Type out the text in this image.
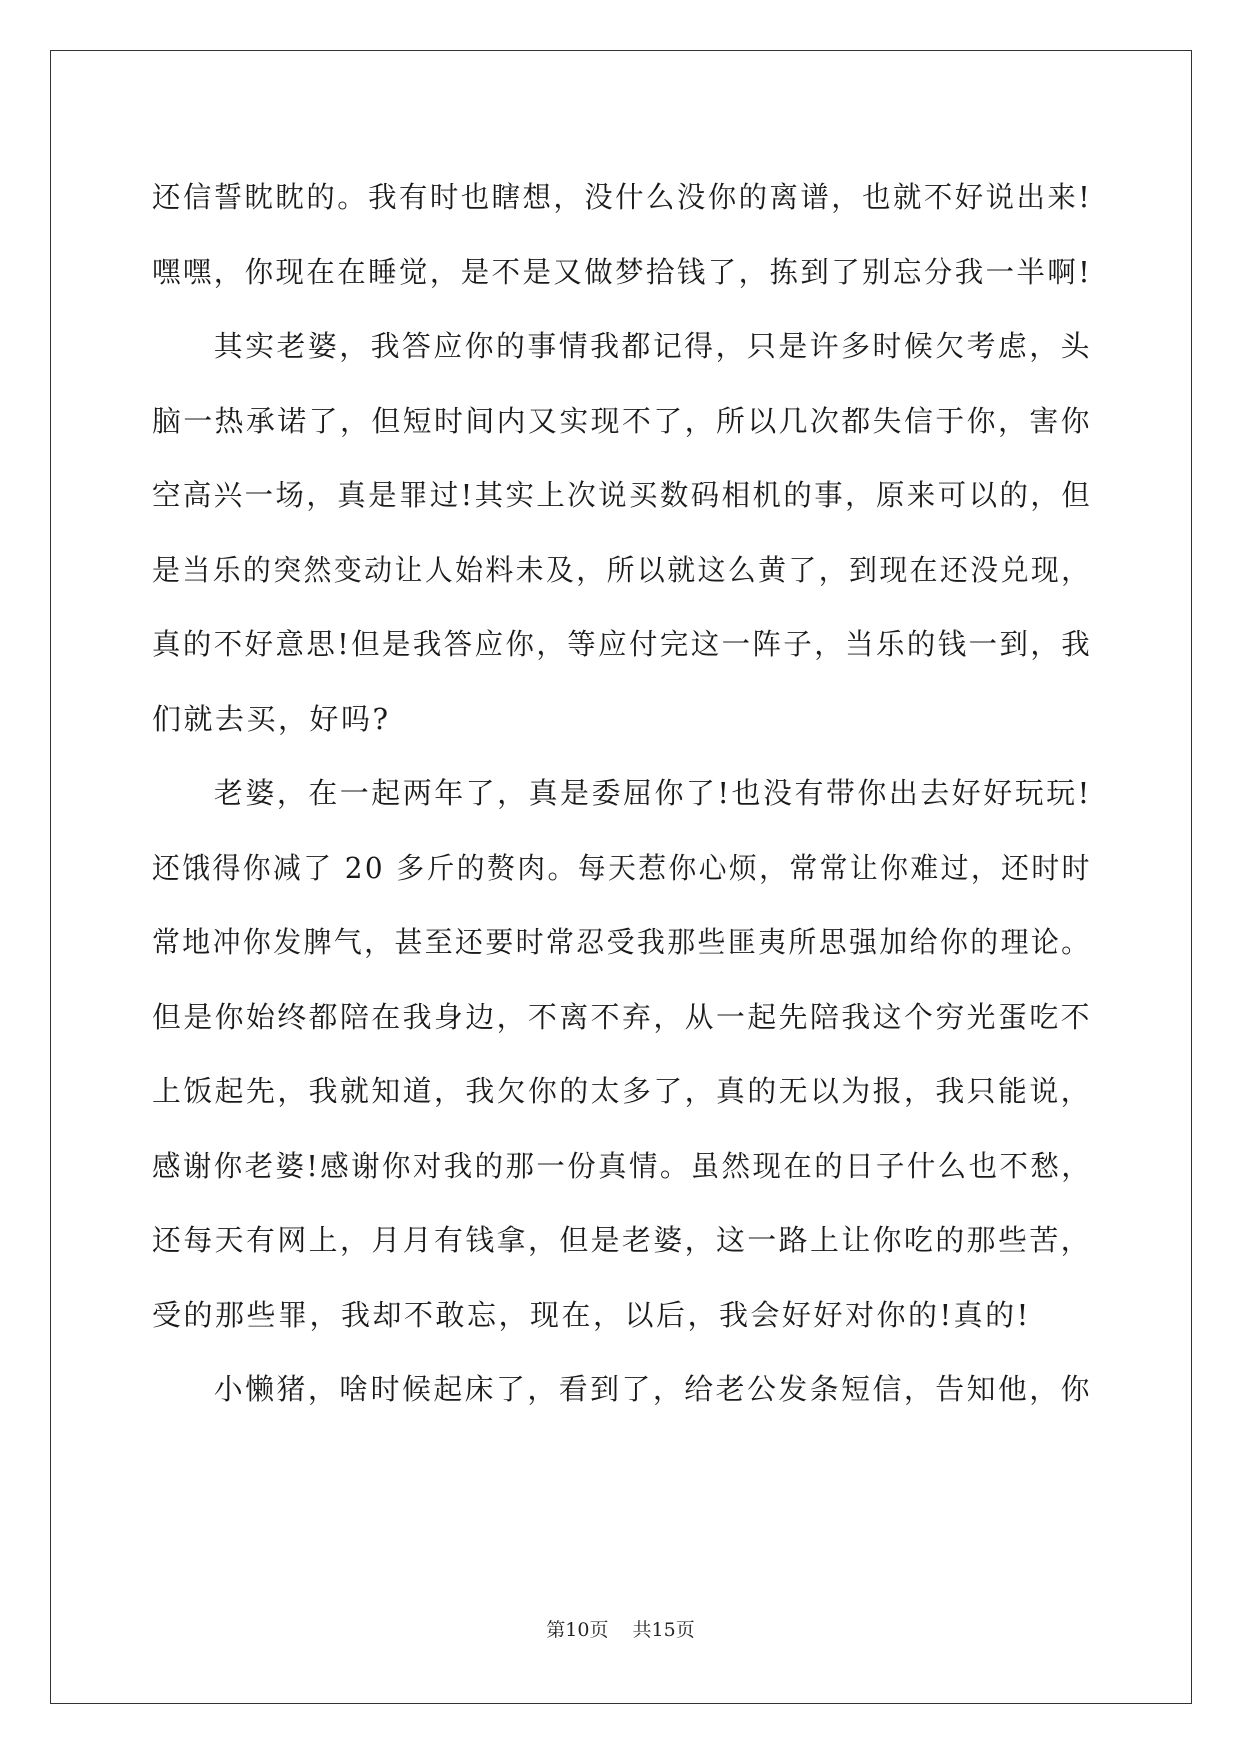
还信誓眈眈的。我有时也瞎想，没什么没你的离谱，也就不好说出来!
嘿嘿，你现在在睡觉，是不是又做梦拾钱了，拣到了别忘分我一半啊!
其实老婆，我答应你的事情我都记得，只是许多时候欠考虑，头
脑一热承诺了，但短时间内又实现不了，所以几次都失信于你，害你
空高兴一场，真是罪过!其实上次说买数码相机的事，原来可以的，但
是当乐的突然变动让人始料未及，所以就这么黄了，到现在还没兑现，
真的不好意思!但是我答应你，等应付完这一阵子，当乐的钱一到，我
们就去买，好吗?
老婆，在一起两年了，真是委屈你了!也没有带你出去好好玩玩!
还饿得你减了 20 多斤的赘肉。每天惹你心烦，常常让你难过，还时时
常地冲你发脾气，甚至还要时常忍受我那些匪夷所思强加给你的理论。
但是你始终都陪在我身边，不离不弃，从一起先陪我这个穷光蛋吃不
上饭起先，我就知道，我欠你的太多了，真的无以为报，我只能说，
感谢你老婆!感谢你对我的那一份真情。虽然现在的日子什么也不愁，
还每天有网上，月月有钱拿，但是老婆，这一路上让你吃的那些苦，
受的那些罪，我却不敢忘，现在，以后，我会好好对你的!真的!
小懒猪，啥时候起床了，看到了，给老公发条短信，告知他，你
第10页 共15页
